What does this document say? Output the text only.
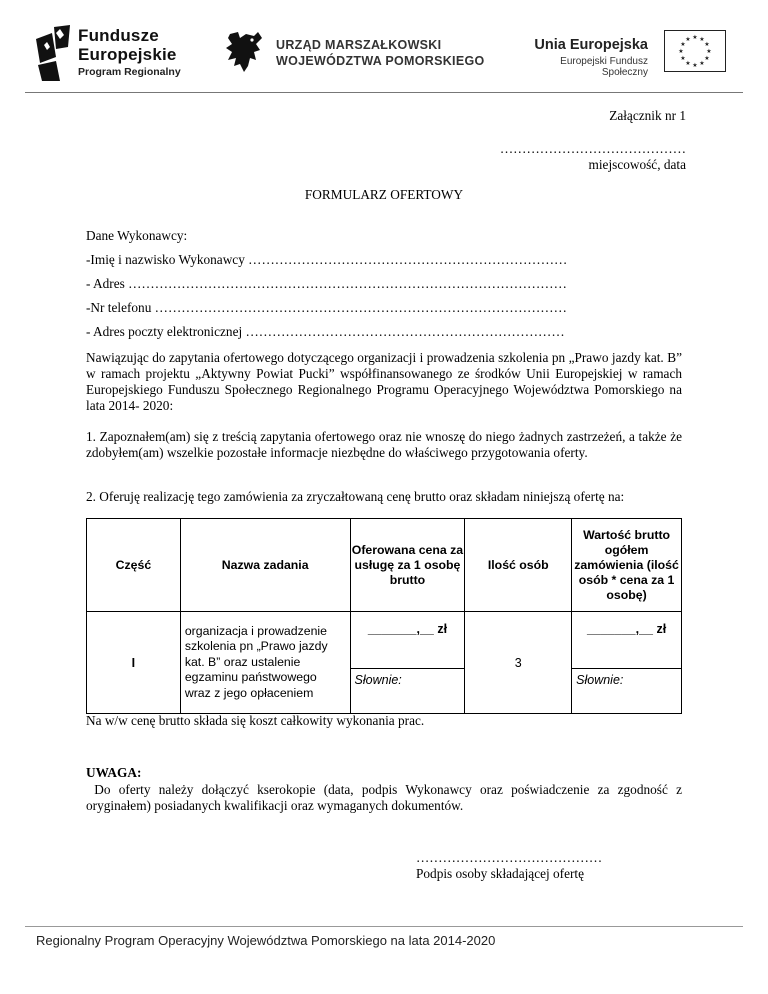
Fundusze
Europejskie
Program Regionalny
URZĄD MARSZAŁKOWSKI
WOJEWÓDZTWA POMORSKIEGO
Unia Europejska
Europejski Fundusz Społeczny
★ ★
★
★
★
★
★
★
★
★
★
★
Załącznik nr 1
……………………………………
miejscowość, data
FORMULARZ OFERTOWY
Dane Wykonawcy:
-Imię i nazwisko Wykonawcy ………………………………………………………………
- Adres ………………………………………………………………………………………
-Nr telefonu …………………………………………………………………………………
- Adres poczty elektronicznej ………………………………………………………………
Nawiązując do zapytania ofertowego dotyczącego organizacji i prowadzenia szkolenia pn „Prawo jazdy kat. B” w ramach projektu „Aktywny Powiat Pucki” współfinansowanego ze środków Unii Europejskiej w ramach Europejskiego Funduszu Społecznego Regionalnego Programu Operacyjnego Województwa Pomorskiego na lata 2014- 2020:
1. Zapoznałem(am) się z treścią zapytania ofertowego oraz nie wnoszę do niego żadnych zastrzeżeń, a także że zdobyłem(am) wszelkie pozostałe informacje niezbędne do właściwego przygotowania oferty.
2. Oferuję realizację tego zamówienia za zryczałtowaną cenę brutto oraz składam niniejszą ofertę na:
Część	Nazwa zadania	Oferowana cena za usługę za 1 osobę brutto	Ilość osób	Wartość brutto ogółem zamówienia (ilość osób * cena za 1 osobę)
I	organizacja i prowadzenie szkolenia pn „Prawo jazdy kat. B” oraz ustalenie egzaminu państwowego wraz z jego opłaceniem	_______,__ zł	3	_______,__ zł
		Słownie:		Słownie:
Na w/w cenę brutto składa się koszt całkowity wykonania prac.
UWAGA:
Do oferty należy dołączyć kserokopie (data, podpis Wykonawcy oraz poświadczenie za zgodność z oryginałem) posiadanych kwalifikacji oraz wymaganych dokumentów.
……………………………………
Podpis osoby składającej ofertę
Regionalny Program Operacyjny Województwa Pomorskiego na lata 2014-2020
